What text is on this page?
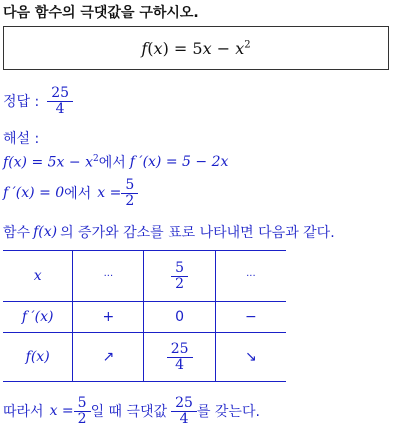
다음 함수의 극댓값을 구하시오.
$f(x) = 5x - x^2$
정답 : $\frac{25}{4}$
해설 :
$f(x) = 5x - x^2$ 에서 f ′(x) = 5 − 2x
f ′(x) = 0 에서 $x = \frac{5}{2}$
함수 f(x) 의 증가와 감소를 표로 나타내면 다음과 같다.
x	···	$\frac{5}{2}$	···
f ′(x)	+	0	−
f(x)	↗	$\frac{25}{4}$	↘
따라서 $x = \frac{5}{2}$ 일 때 극댓값 $\frac{25}{4}$ 를 갖는다.
